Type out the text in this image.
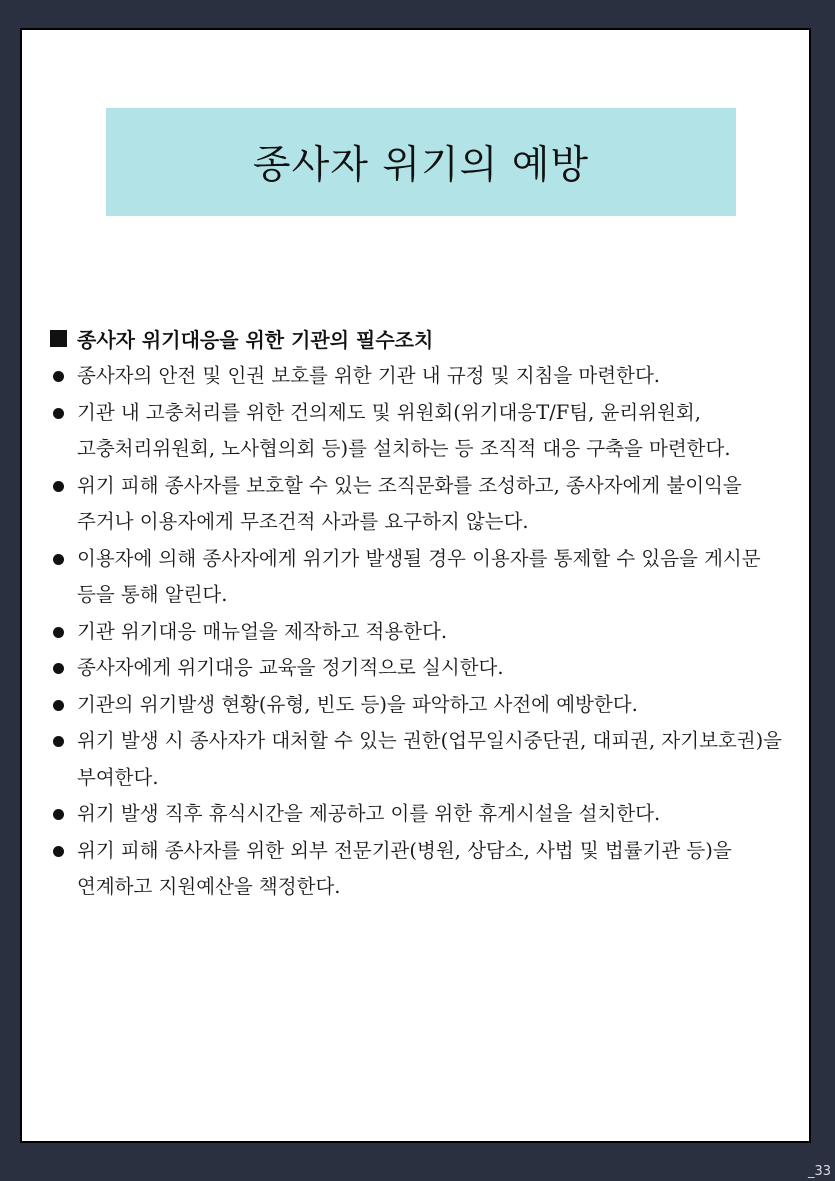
종사자 위기의 예방
종사자 위기대응을 위한 기관의 필수조치
종사자의 안전 및 인권 보호를 위한 기관 내 규정 및 지침을 마련한다.
기관 내 고충처리를 위한 건의제도 및 위원회(위기대응T/F팀, 윤리위원회, 고충처리위원회, 노사협의회 등)를 설치하는 등 조직적 대응 구축을 마련한다.
위기 피해 종사자를 보호할 수 있는 조직문화를 조성하고, 종사자에게 불이익을 주거나 이용자에게 무조건적 사과를 요구하지 않는다.
이용자에 의해 종사자에게 위기가 발생될 경우 이용자를 통제할 수 있음을 게시문 등을 통해 알린다.
기관 위기대응 매뉴얼을 제작하고 적용한다.
종사자에게 위기대응 교육을 정기적으로 실시한다.
기관의 위기발생 현황(유형, 빈도 등)을 파악하고 사전에 예방한다.
위기 발생 시 종사자가 대처할 수 있는 권한(업무일시중단권, 대피권, 자기보호권)을 부여한다.
위기 발생 직후 휴식시간을 제공하고 이를 위한 휴게시설을 설치한다.
위기 피해 종사자를 위한 외부 전문기관(병원, 상담소, 사법 및 법률기관 등)을 연계하고 지원예산을 책정한다.
_33
